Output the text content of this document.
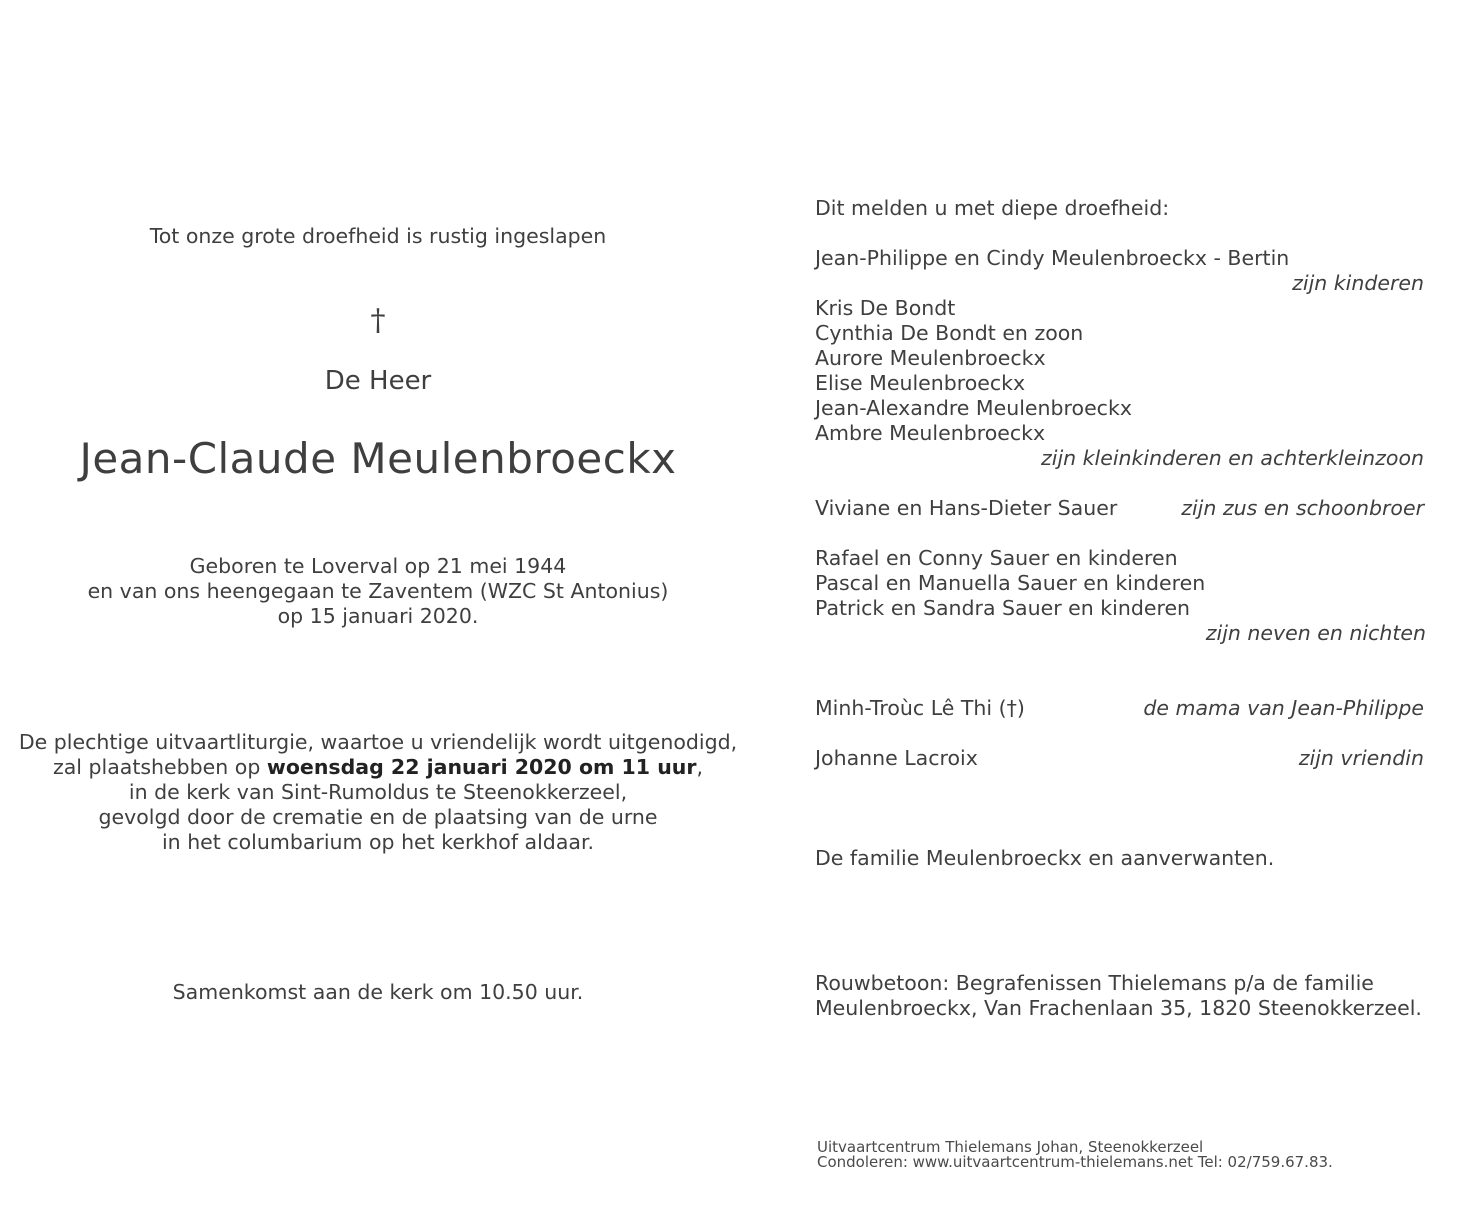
Tot onze grote droefheid is rustig ingeslapen
†
De Heer
Jean-Claude Meulenbroeckx
Geboren te Loverval op 21 mei 1944
en van ons heengegaan te Zaventem (WZC St Antonius)
op 15 januari 2020.
De plechtige uitvaartliturgie, waartoe u vriendelijk wordt uitgenodigd,
zal plaatshebben op woensdag 22 januari 2020 om 11 uur,
in de kerk van Sint-Rumoldus te Steenokkerzeel,
gevolgd door de crematie en de plaatsing van de urne
in het columbarium op het kerkhof aldaar.
Samenkomst aan de kerk om 10.50 uur.
Dit melden u met diepe droefheid:
Jean-Philippe en Cindy Meulenbroeckx - Bertin
zijn kinderen
Kris De Bondt
Cynthia De Bondt en zoon
Aurore Meulenbroeckx
Elise Meulenbroeckx
Jean-Alexandre Meulenbroeckx
Ambre Meulenbroeckx
zijn kleinkinderen en achterkleinzoon
Viviane en Hans-Dieter Sauer	zijn zus en schoonbroer
Rafael en Conny Sauer en kinderen
Pascal en Manuella Sauer en kinderen
Patrick en Sandra Sauer en kinderen
zijn neven en nichten
Minh-Troùc Lê Thi (†)	de mama van Jean-Philippe
Johanne Lacroix	zijn vriendin
De familie Meulenbroeckx en aanverwanten.
Rouwbetoon: Begrafenissen Thielemans p/a de familie
Meulenbroeckx, Van Frachenlaan 35, 1820 Steenokkerzeel.
Uitvaartcentrum Thielemans Johan, Steenokkerzeel
Condoleren: www.uitvaartcentrum-thielemans.net Tel: 02/759.67.83.
